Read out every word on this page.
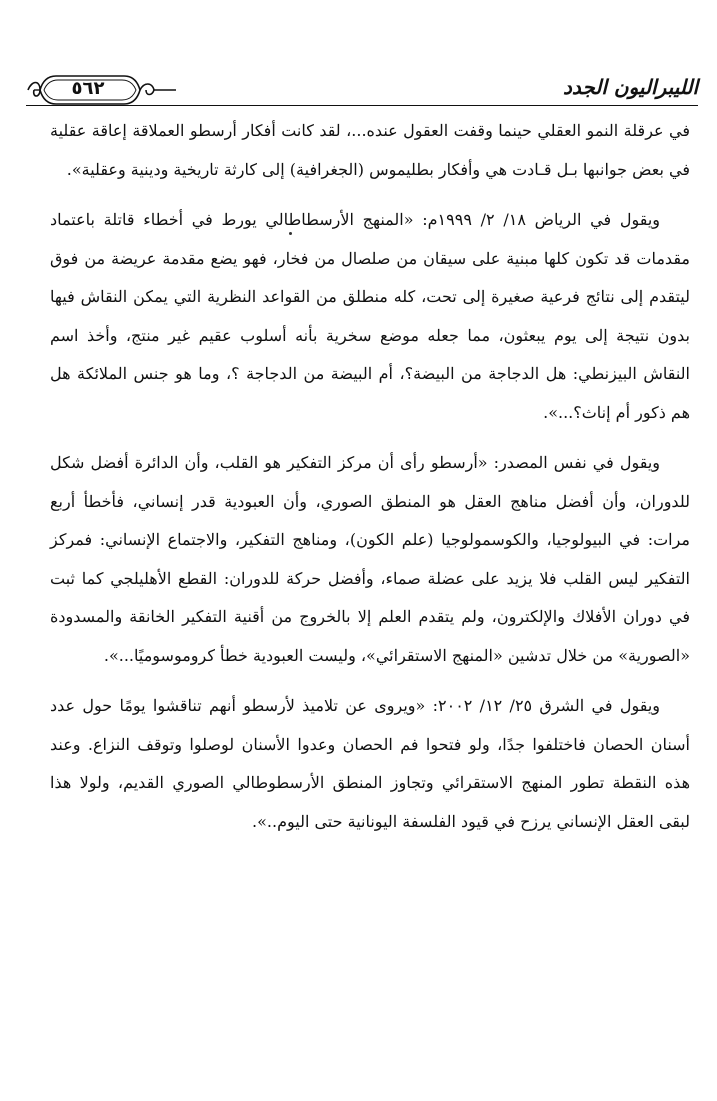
٥٦٢	الليبراليون الجدد

في عرقلة النمو العقلي حينما وقفت العقول عنده...، لقد كانت أفكار أرسطو العملاقة إعاقة عقلية في بعض جوانبها بـل قـادت هي وأفكار بطليموس (الجغرافية) إلى كارثة تاريخية ودينية وعقلية».

ويقول في الرياض ١٨/ ٢/ ١٩٩٩م: «المنهج الأرسطاطالي يورط في أخطاء قاتلة باعتماد مقدمات قد تكون كلها مبنية على سيقان من صلصال من فخار، فهو يضع مقدمة عريضة من فوق ليتقدم إلى نتائج فرعية صغيرة إلى تحت، كله منطلق من القواعد النظرية التي يمكن النقاش فيها بدون نتيجة إلى يوم يبعثون، مما جعله موضع سخرية بأنه أسلوب عقيم غير منتج، وأخذ اسم النقاش البيزنطي: هل الدجاجة من البيضة؟، أم البيضة من الدجاجة ؟، وما هو جنس الملائكة هل هم ذكور أم إناث؟...».

ويقول في نفس المصدر: «أرسطو رأى أن مركز التفكير هو القلب، وأن الدائرة أفضل شكل للدوران، وأن أفضل مناهج العقل هو المنطق الصوري، وأن العبودية قدر إنساني، فأخطأ أربع مرات: في البيولوجيا، والكوسمولوجيا (علم الكون)، ومناهج التفكير، والاجتماع الإنساني: فمركز التفكير ليس القلب فلا يزيد على عضلة صماء، وأفضل حركة للدوران: القطع الأهليلجي كما ثبت في دوران الأفلاك والإلكترون، ولم يتقدم العلم إلا بالخروج من أقنية التفكير الخانقة والمسدودة «الصورية» من خلال تدشين «المنهج الاستقرائي»، وليست العبودية خطأ كروموسوميًا...».

ويقول في الشرق ٢٥/ ١٢/ ٢٠٠٢: «ويروى عن تلاميذ لأرسطو أنهم تناقشوا يومًا حول عدد أسنان الحصان فاختلفوا جدًا، ولو فتحوا فم الحصان وعدوا الأسنان لوصلوا وتوقف النزاع. وعند هذه النقطة تطور المنهج الاستقرائي وتجاوز المنطق الأرسطوطالي الصوري القديم، ولولا هذا لبقى العقل الإنساني يرزح في قيود الفلسفة اليونانية حتى اليوم..».
